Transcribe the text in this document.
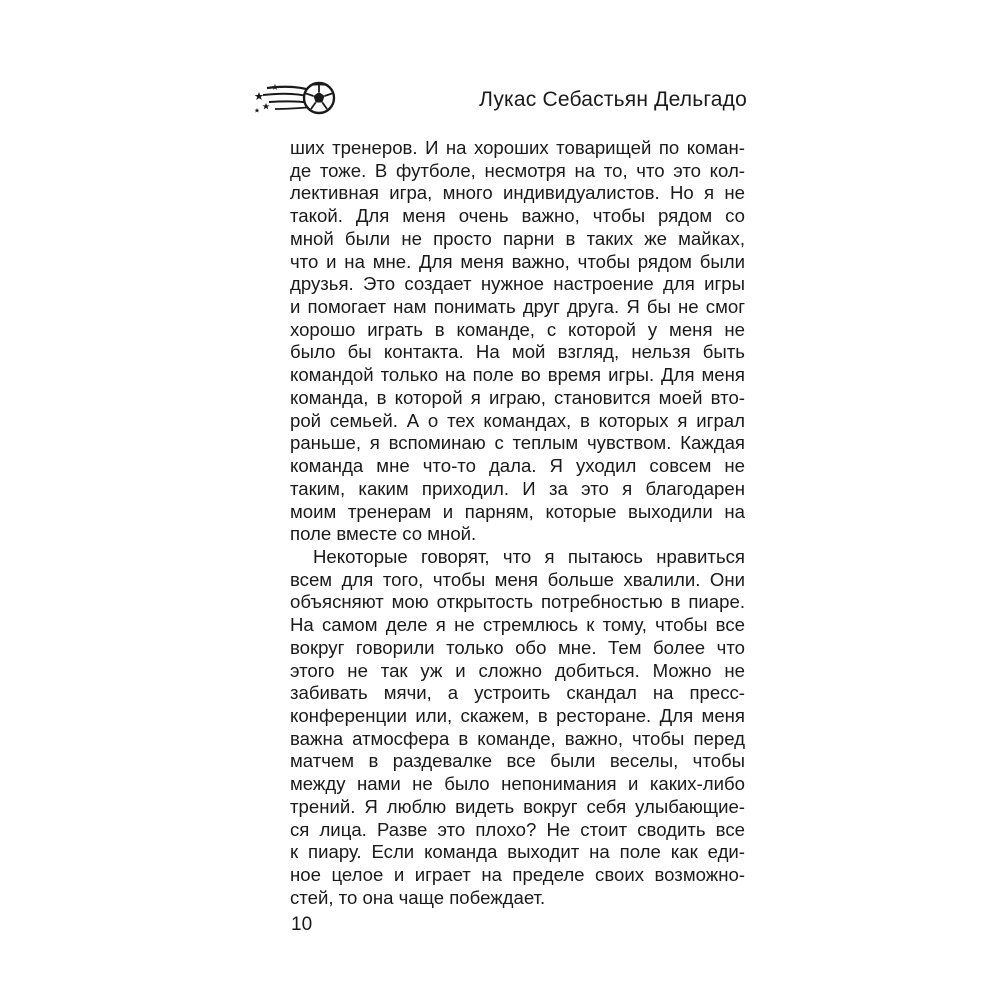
Лукас Себастьян Дельгадо
ших тренеров. И на хороших товарищей по коман-
де тоже. В футболе, несмотря на то, что это кол-
лективная игра, много индивидуалистов. Но я не
такой. Для меня очень важно, чтобы рядом со
мной были не просто парни в таких же майках,
что и на мне. Для меня важно, чтобы рядом были
друзья. Это создает нужное настроение для игры
и помогает нам понимать друг друга. Я бы не смог
хорошо играть в команде, с которой у меня не
было бы контакта. На мой взгляд, нельзя быть
командой только на поле во время игры. Для меня
команда, в которой я играю, становится моей вто-
рой семьей. А о тех командах, в которых я играл
раньше, я вспоминаю с теплым чувством. Каждая
команда мне что-то дала. Я уходил совсем не
таким, каким приходил. И за это я благодарен
моим тренерам и парням, которые выходили на
поле вместе со мной.
Некоторые говорят, что я пытаюсь нравиться
всем для того, чтобы меня больше хвалили. Они
объясняют мою открытость потребностью в пиаре.
На самом деле я не стремлюсь к тому, чтобы все
вокруг говорили только обо мне. Тем более что
этого не так уж и сложно добиться. Можно не
забивать мячи, а устроить скандал на пресс-
конференции или, скажем, в ресторане. Для меня
важна атмосфера в команде, важно, чтобы перед
матчем в раздевалке все были веселы, чтобы
между нами не было непонимания и каких-либо
трений. Я люблю видеть вокруг себя улыбающие-
ся лица. Разве это плохо? Не стоит сводить все
к пиару. Если команда выходит на поле как еди-
ное целое и играет на пределе своих возможно-
стей, то она чаще побеждает.
10
